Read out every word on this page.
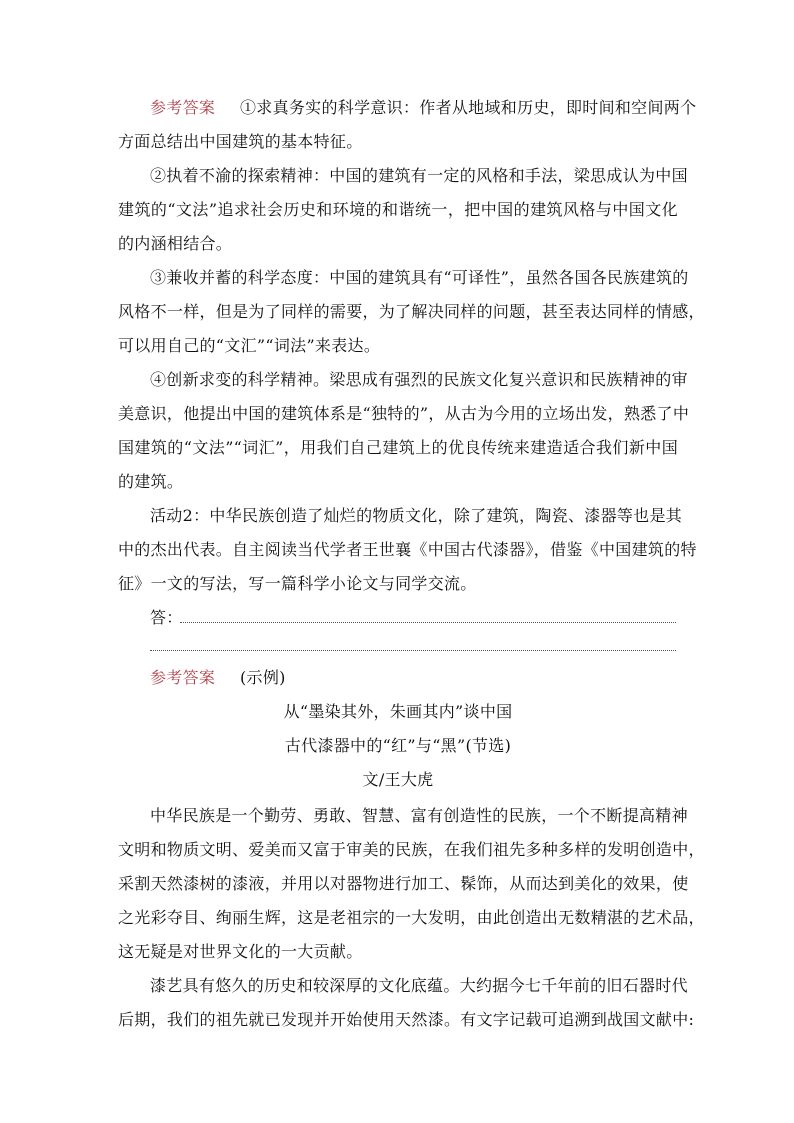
参考答案 ①求真务实的科学意识：作者从地域和历史，即时间和空间两个
方面总结出中国建筑的基本特征。
②执着不渝的探索精神：中国的建筑有一定的风格和手法，梁思成认为中国
建筑的“文法”追求社会历史和环境的和谐统一，把中国的建筑风格与中国文化
的内涵相结合。
③兼收并蓄的科学态度：中国的建筑具有“可译性”，虽然各国各民族建筑的
风格不一样，但是为了同样的需要，为了解决同样的问题，甚至表达同样的情感，
可以用自己的“文汇”“词法”来表达。
④创新求变的科学精神。梁思成有强烈的民族文化复兴意识和民族精神的审
美意识，他提出中国的建筑体系是“独特的”，从古为今用的立场出发，熟悉了中
国建筑的“文法”“词汇”，用我们自己建筑上的优良传统来建造适合我们新中国
的建筑。
活动2：中华民族创造了灿烂的物质文化，除了建筑，陶瓷、漆器等也是其
中的杰出代表。自主阅读当代学者王世襄《中国古代漆器》，借鉴《中国建筑的特
征》一文的写法，写一篇科学小论文与同学交流。
答：
参考答案 (示例)
从“墨染其外，朱画其内”谈中国
古代漆器中的“红”与“黑”(节选)
文/王大虎
中华民族是一个勤劳、勇敢、智慧、富有创造性的民族，一个不断提高精神
文明和物质文明、爱美而又富于审美的民族，在我们祖先多种多样的发明创造中，
采割天然漆树的漆液，并用以对器物进行加工、髹饰，从而达到美化的效果，使
之光彩夺目、绚丽生辉，这是老祖宗的一大发明，由此创造出无数精湛的艺术品，
这无疑是对世界文化的一大贡献。
漆艺具有悠久的历史和较深厚的文化底蕴。大约据今七千年前的旧石器时代
后期，我们的祖先就已发现并开始使用天然漆。有文字记载可追溯到战国文献中:
